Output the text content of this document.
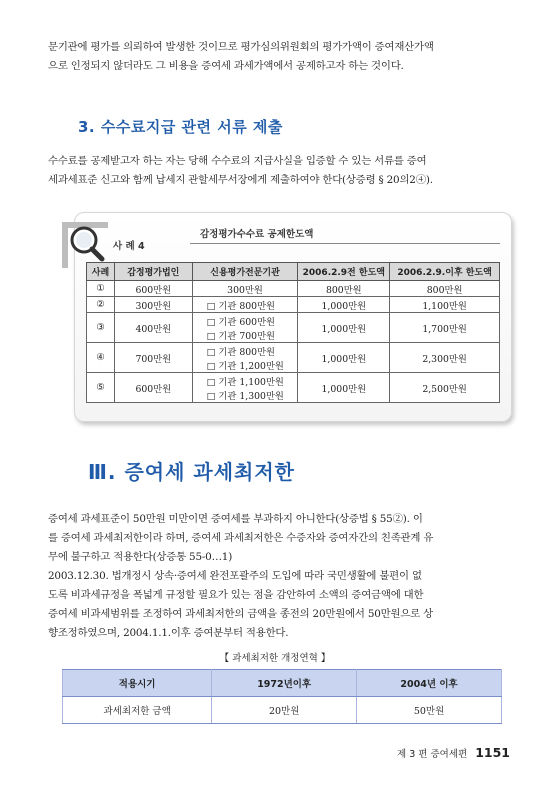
문기관에 평가를 의뢰하여 발생한 것이므로 평가심의위원회의 평가가액이 증여재산가액
으로 인정되지 않더라도 그 비용을 증여세 과세가액에서 공제하고자 하는 것이다.

3. 수수료지급 관련 서류 제출

수수료를 공제받고자 하는 자는 당해 수수료의 지급사실을 입증할 수 있는 서류를 증여
세과세표준 신고와 함께 납세지 관할세무서장에게 제출하여야 한다(상증령 § 20의2④).

사 례 4
감정평가수수료 공제한도액
사례	감정평가법인	신용평가전문기관	2006.2.9전 한도액	2006.2.9.이후 한도액
①	600만원	300만원	800만원	800만원
②	300만원	□ 기관 800만원	1,000만원	1,100만원
③	400만원	□ 기관 600만원
□ 기관 700만원	1,000만원	1,700만원
④	700만원	□ 기관 800만원
□ 기관 1,200만원	1,000만원	2,300만원
⑤	600만원	□ 기관 1,100만원
□ 기관 1,300만원	1,000만원	2,500만원
Ⅲ. 증여세 과세최저한

증여세 과세표준이 50만원 미만이면 증여세를 부과하지 아니한다(상증법 § 55②). 이
를 증여세 과세최저한이라 하며, 증여세 과세최저한은 수증자와 증여자간의 친족관계 유
무에 불구하고 적용한다(상증통 55-0…1)
2003.12.30. 법개정시 상속·증여세 완전포괄주의 도입에 따라 국민생활에 불편이 없
도록 비과세규정을 폭넓게 규정할 필요가 있는 점을 감안하여 소액의 증여금액에 대한
증여세 비과세범위를 조정하여 과세최저한의 금액을 종전의 20만원에서 50만원으로 상
향조정하였으며, 2004.1.1.이후 증여분부터 적용한다.

【 과세최저한 개정연혁 】
적용시기	1972년이후	2004년 이후
과세최저한 금액	20만원	50만원
제 3 편 증여세편 1151
